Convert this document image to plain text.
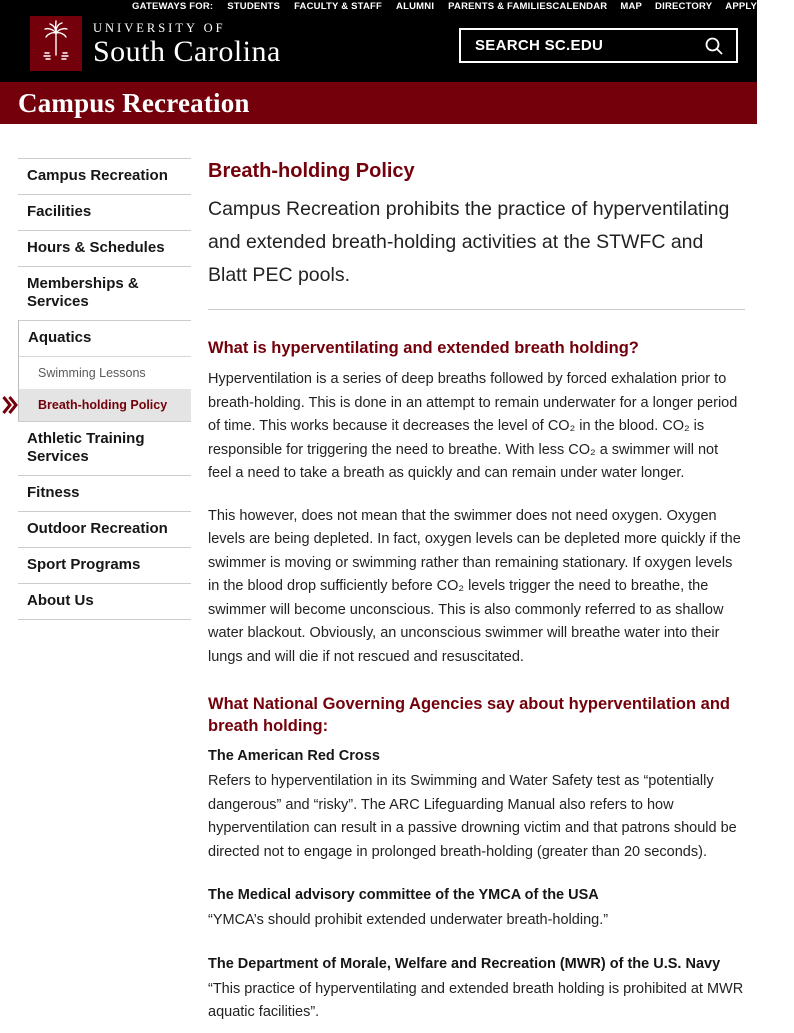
GATEWAYS FOR: STUDENTS FACULTY & STAFF ALUMNI PARENTS & FAMILIES CALENDAR MAP DIRECTORY APPLY GIVE
UNIVERSITY OF
South Carolina	SEARCH SC.EDU
Campus Recreation
Campus Recreation
Facilities
Hours & Schedules
Memberships & Services
Aquatics
Swimming Lessons
Breath-holding Policy
Athletic Training Services
Fitness
Outdoor Recreation
Sport Programs
About Us
Breath-holding Policy

Campus Recreation prohibits the practice of hyperventilating and extended breath-holding activities at the STWFC and Blatt PEC pools.

What is hyperventilating and extended breath holding?

Hyperventilation is a series of deep breaths followed by forced exhalation prior to breath-holding. This is done in an attempt to remain underwater for a longer period of time. This works because it decreases the level of CO₂ in the blood. CO₂ is responsible for triggering the need to breathe. With less CO₂ a swimmer will not feel a need to take a breath as quickly and can remain under water longer.

This however, does not mean that the swimmer does not need oxygen. Oxygen levels are being depleted. In fact, oxygen levels can be depleted more quickly if the swimmer is moving or swimming rather than remaining stationary. If oxygen levels in the blood drop sufficiently before CO₂ levels trigger the need to breathe, the swimmer will become unconscious. This is also commonly referred to as shallow water blackout. Obviously, an unconscious swimmer will breathe water into their lungs and will die if not rescued and resuscitated.

What National Governing Agencies say about hyperventilation and breath holding:
The American Red Cross

Refers to hyperventilation in its Swimming and Water Safety test as “potentially dangerous” and “risky”. The ARC Lifeguarding Manual also refers to how hyperventilation can result in a passive drowning victim and that patrons should be directed not to engage in prolonged breath-holding (greater than 20 seconds).

The Medical advisory committee of the YMCA of the USA

“YMCA’s should prohibit extended underwater breath-holding.”

The Department of Morale, Welfare and Recreation (MWR) of the U.S. Navy

“This practice of hyperventilating and extended breath holding is prohibited at MWR aquatic facilities”.
